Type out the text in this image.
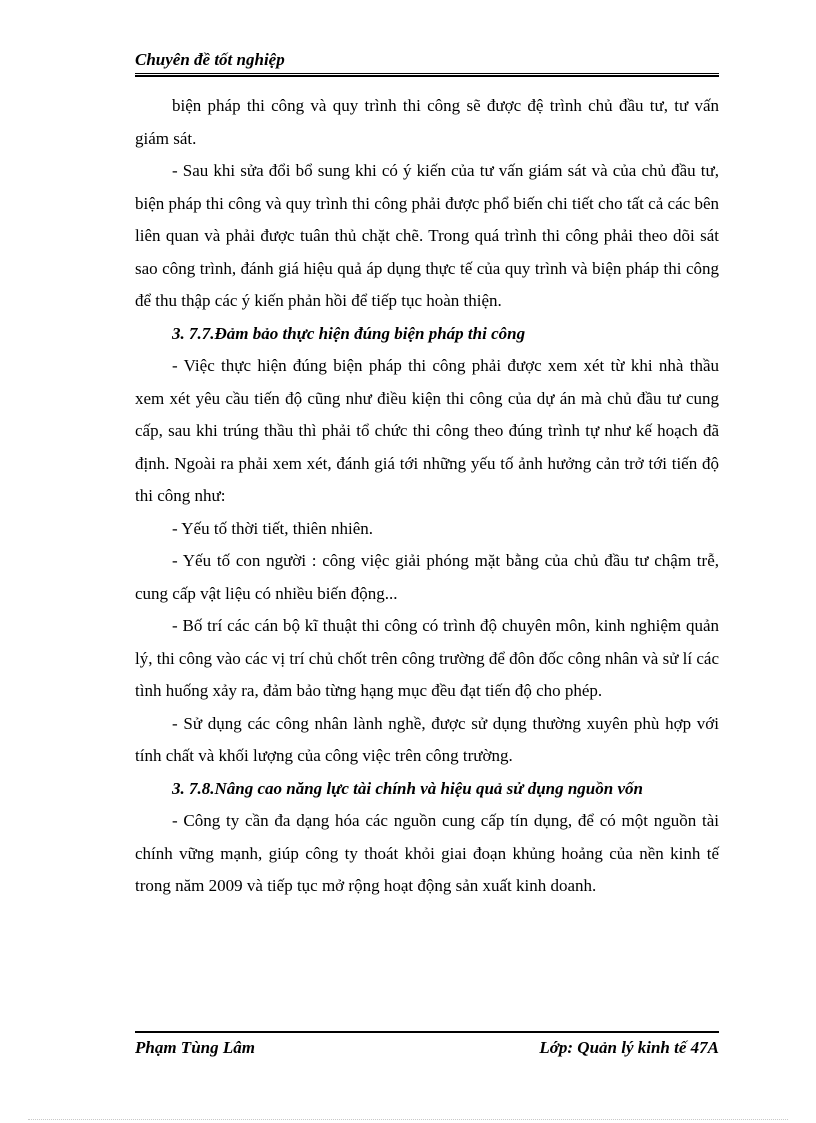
Chuyên đề tốt nghiệp

biện pháp thi công và quy trình thi công sẽ được đệ trình chủ đầu tư, tư vấn giám sát.

- Sau khi sửa đổi bổ sung khi có ý kiến của tư vấn giám sát và của chủ đầu tư, biện pháp thi công và quy trình thi công phải được phổ biến chi tiết cho tất cả các bên liên quan và phải được tuân thủ chặt chẽ. Trong quá trình thi công phải theo dõi sát sao công trình, đánh giá hiệu quả áp dụng thực tế của quy trình và biện pháp thi công để thu thập các ý kiến phản hồi để tiếp tục hoàn thiện.

3. 7.7.Đảm bảo thực hiện đúng biện pháp thi công

- Việc thực hiện đúng biện pháp thi công phải được xem xét từ khi nhà thầu xem xét yêu cầu tiến độ cũng như điều kiện thi công của dự án mà chủ đầu tư cung cấp, sau khi trúng thầu thì phải tổ chức thi công theo đúng trình tự như kế hoạch đã định. Ngoài ra phải xem xét, đánh giá tới những yếu tố ảnh hưởng cản trở tới tiến độ thi công như:

- Yếu tố thời tiết, thiên nhiên.

- Yếu tố con người : công việc giải phóng mặt bằng của chủ đầu tư chậm trễ, cung cấp vật liệu có nhiều biến động...

- Bố trí các cán bộ kĩ thuật thi công có trình độ chuyên môn, kinh nghiệm quản lý, thi công vào các vị trí chủ chốt trên công trường để đôn đốc công nhân và sử lí các tình huống xảy ra, đảm bảo từng hạng mục đều đạt tiến độ cho phép.

- Sử dụng các công nhân lành nghề, được sử dụng thường xuyên phù hợp với tính chất và khối lượng của công việc trên công trường.

3. 7.8.Nâng cao năng lực tài chính và hiệu quả sử dụng nguồn vốn

- Công ty cần đa dạng hóa các nguồn cung cấp tín dụng, để có một nguồn tài chính vững mạnh, giúp công ty thoát khỏi giai đoạn khủng hoảng của nền kinh tế trong năm 2009 và tiếp tục mở rộng hoạt động sản xuất kinh doanh.

Phạm Tùng Lâm	Lớp: Quản lý kinh tế 47A
